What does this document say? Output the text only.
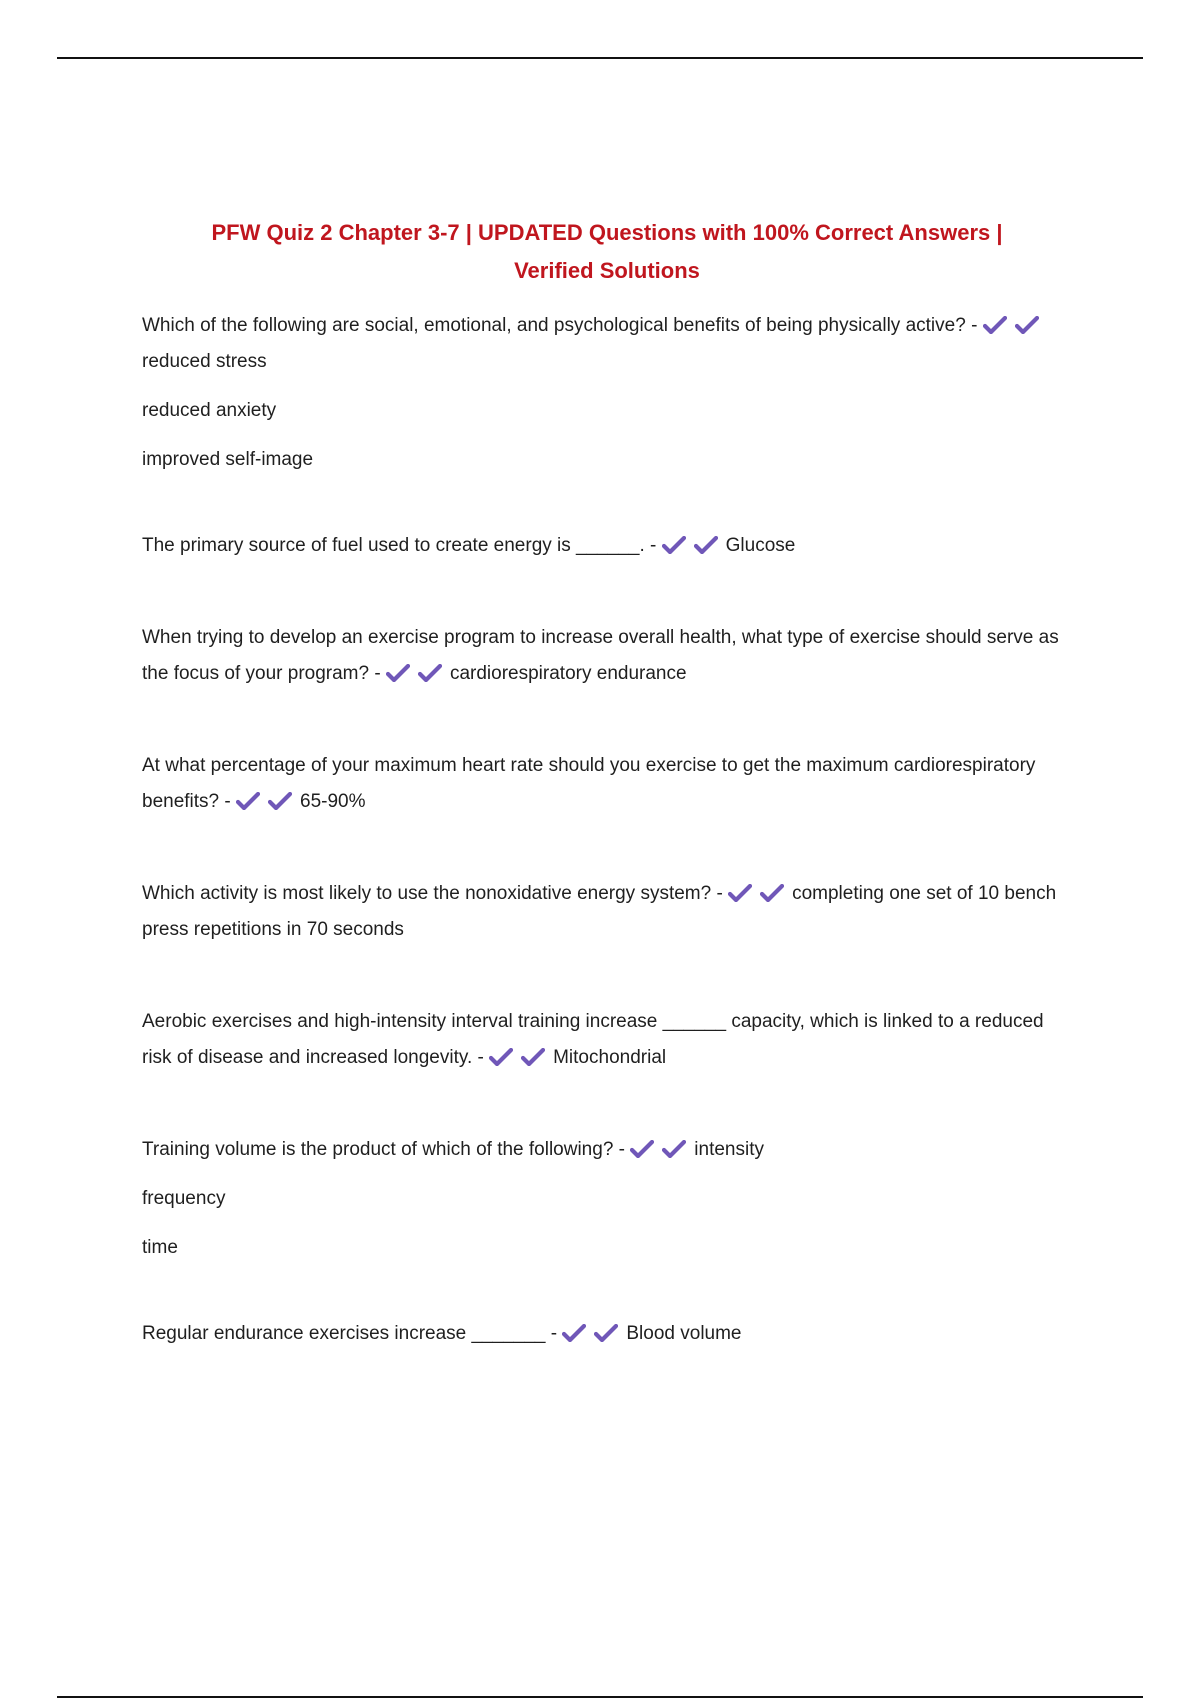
PFW Quiz 2 Chapter 3-7 | UPDATED Questions with 100% Correct Answers |
Verified Solutions

Which of the following are social, emotional, and psychological benefits of being physically active? -
reduced stress

reduced anxiety
improved self-image

The primary source of fuel used to create energy is ______. -	Glucose

When trying to develop an exercise program to increase overall health, what type of exercise should serve as the focus of your program? -	cardiorespiratory endurance

At what percentage of your maximum heart rate should you exercise to get the maximum cardiorespiratory benefits? -	65-90%

Which activity is most likely to use the nonoxidative energy system? -	completing one set of 10 bench press repetitions in 70 seconds

Aerobic exercises and high-intensity interval training increase ______ capacity, which is linked to a reduced risk of disease and increased longevity. -	Mitochondrial

Training volume is the product of which of the following? -	intensity

frequency
time

Regular endurance exercises increase _______ -	Blood volume
